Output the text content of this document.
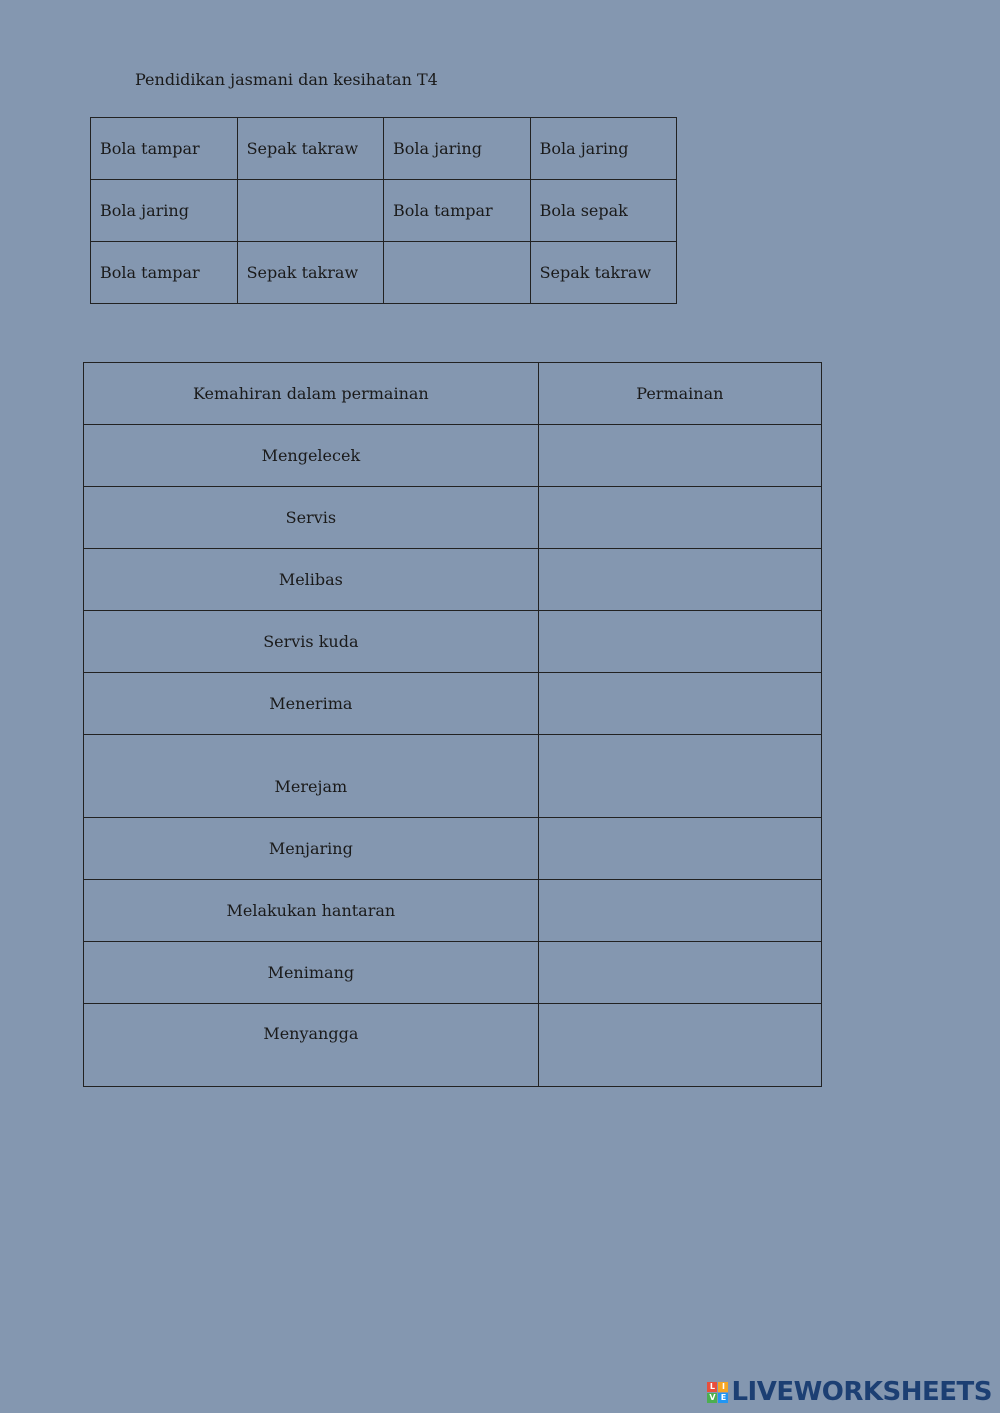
Pendidikan jasmani dan kesihatan T4
Bola tampar	Sepak takraw	Bola jaring	Bola jaring
Bola jaring		Bola tampar	Bola sepak
Bola tampar	Sepak takraw		Sepak takraw
Kemahiran dalam permainan	Permainan
Mengelecek	
Servis	
Melibas	
Servis kuda	
Menerima	
Merejam	
Menjaring	
Melakukan hantaran	
Menimang	
Menyangga	
L I
V E LIVEWORKSHEETS
